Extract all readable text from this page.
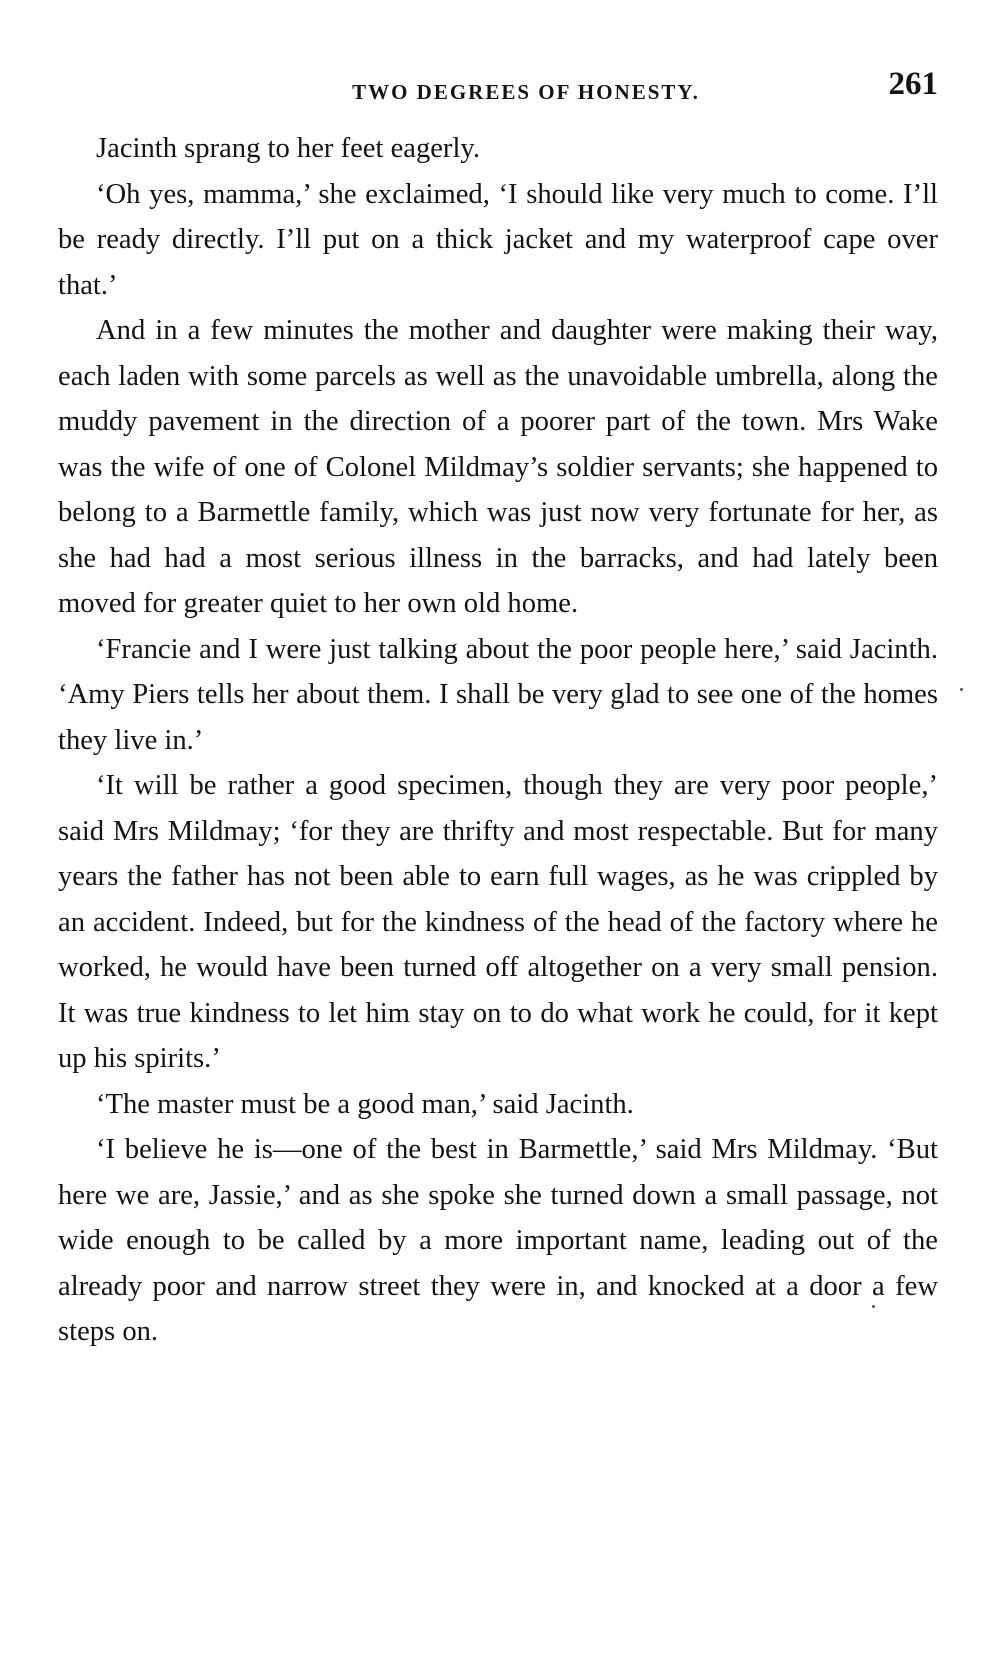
TWO DEGREES OF HONESTY.	261

Jacinth sprang to her feet eagerly.

‘Oh yes, mamma,’ she exclaimed, ‘I should like very much to come. I’ll be ready directly. I’ll put on a thick jacket and my waterproof cape over that.’

And in a few minutes the mother and daughter were making their way, each laden with some parcels as well as the unavoidable umbrella, along the muddy pavement in the direction of a poorer part of the town. Mrs Wake was the wife of one of Colonel Mildmay’s soldier servants; she happened to belong to a Barmettle family, which was just now very fortunate for her, as she had had a most serious illness in the barracks, and had lately been moved for greater quiet to her own old home.

‘Francie and I were just talking about the poor people here,’ said Jacinth. ‘Amy Piers tells her about them. I shall be very glad to see one of the homes they live in.’

‘It will be rather a good specimen, though they are very poor people,’ said Mrs Mildmay; ‘for they are thrifty and most respectable. But for many years the father has not been able to earn full wages, as he was crippled by an accident. Indeed, but for the kindness of the head of the factory where he worked, he would have been turned off altogether on a very small pension. It was true kindness to let him stay on to do what work he could, for it kept up his spirits.’

‘The master must be a good man,’ said Jacinth.

‘I believe he is—one of the best in Barmettle,’ said Mrs Mildmay. ‘But here we are, Jassie,’ and as she spoke she turned down a small passage, not wide enough to be called by a more important name, leading out of the already poor and narrow street they were in, and knocked at a door a few steps on.
